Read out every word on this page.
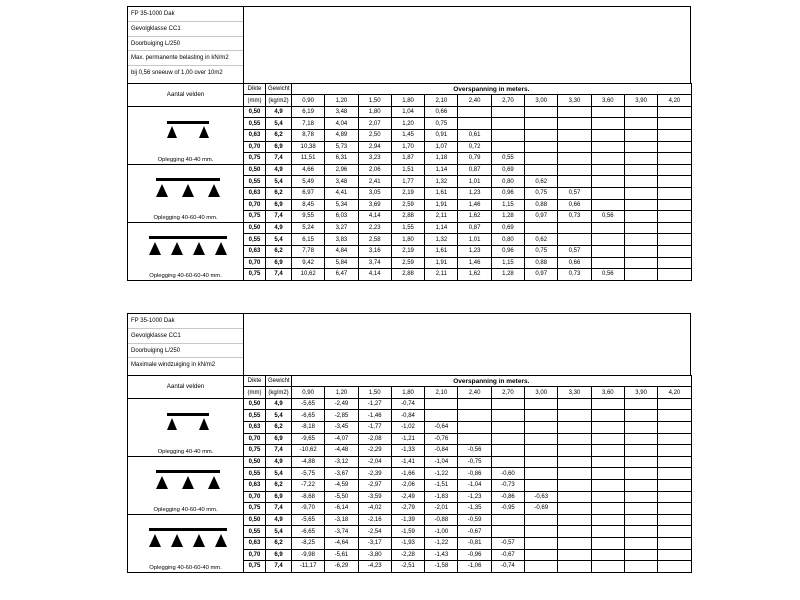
FP 35-1000 Dak
Gevolgklasse CC1
Doorbuiging L/250
Max. permanente belasting in kN/m2
bij 0,56 sneeuw of 1,00 over 10m2
Aantal velden	Dikte	Gewicht	Overspanning in meters.											
	(mm)	(kg/m2)	0,90	1,20	1,50	1,80	2,10	2,40	2,70	3,00	3,30	3,60	3,90	4,20

Oplegging 40-40 mm.	0,50	4,9	6,19	3,48	1,80	1,04	0,66							
	0,55	5,4	7,18	4,04	2,07	1,20	0,75							
	0,63	6,2	8,78	4,89	2,50	1,45	0,91	0,61						
	0,70	6,9	10,38	5,73	2,94	1,70	1,07	0,72						
	0,75	7,4	11,51	6,31	3,23	1,87	1,18	0,79	0,55					

Oplegging 40-60-40 mm.	0,50	4,9	4,66	2,96	2,06	1,51	1,14	0,87	0,69					
	0,55	5,4	5,49	3,48	2,41	1,77	1,32	1,01	0,80	0,62				
	0,63	6,2	6,97	4,41	3,05	2,19	1,61	1,23	0,96	0,75	0,57			
	0,70	6,9	8,45	5,34	3,69	2,59	1,91	1,46	1,15	0,88	0,66			
	0,75	7,4	9,55	6,03	4,14	2,88	2,11	1,62	1,28	0,97	0,73	0,56		

Oplegging 40-60-60-40 mm.	0,50	4,9	5,24	3,27	2,23	1,55	1,14	0,87	0,69					
	0,55	5,4	6,15	3,83	2,58	1,80	1,32	1,01	0,80	0,62				
	0,63	6,2	7,78	4,84	3,16	2,19	1,61	1,23	0,96	0,75	0,57			
	0,70	6,9	9,42	5,84	3,74	2,59	1,91	1,46	1,15	0,88	0,66			
	0,75	7,4	10,62	6,47	4,14	2,88	2,11	1,62	1,28	0,97	0,73	0,56		
FP 35-1000 Dak
Gevolgklasse CC1
Doorbuiging L/250
Maximale windzuiging in kN/m2
Aantal velden	Dikte	Gewicht	Overspanning in meters.											
	(mm)	(kg/m2)	0,90	1,20	1,50	1,80	2,10	2,40	2,70	3,00	3,30	3,60	3,90	4,20

Oplegging 40-40 mm.	0,50	4,9	-5,65	-2,49	-1,27	-0,74								
	0,55	5,4	-6,65	-2,85	-1,46	-0,84								
	0,63	6,2	-8,18	-3,45	-1,77	-1,02	-0,64							
	0,70	6,9	-9,65	-4,07	-2,08	-1,21	-0,76							
	0,75	7,4	-10,62	-4,48	-2,29	-1,33	-0,84	-0,56						

Oplegging 40-60-40 mm.	0,50	4,9	-4,88	-3,12	-2,04	-1,41	-1,04	-0,75						
	0,55	5,4	-5,75	-3,67	-2,39	-1,66	-1,22	-0,86	-0,60					
	0,63	6,2	-7,22	-4,59	-2,97	-2,06	-1,51	-1,04	-0,73					
	0,70	6,9	-8,68	-5,50	-3,59	-2,49	-1,83	-1,23	-0,86	-0,63				
	0,75	7,4	-9,70	-6,14	-4,02	-2,79	-2,01	-1,35	-0,95	-0,69				

Oplegging 40-60-60-40 mm.	0,50	4,9	-5,65	-3,18	-2,16	-1,39	-0,88	-0,59						
	0,55	5,4	-6,65	-3,74	-2,54	-1,59	-1,00	-0,67						
	0,63	6,2	-8,25	-4,64	-3,17	-1,93	-1,22	-0,81	-0,57					
	0,70	6,9	-9,98	-5,61	-3,80	-2,28	-1,43	-0,96	-0,67					
	0,75	7,4	-11,17	-6,29	-4,23	-2,51	-1,58	-1,06	-0,74					
